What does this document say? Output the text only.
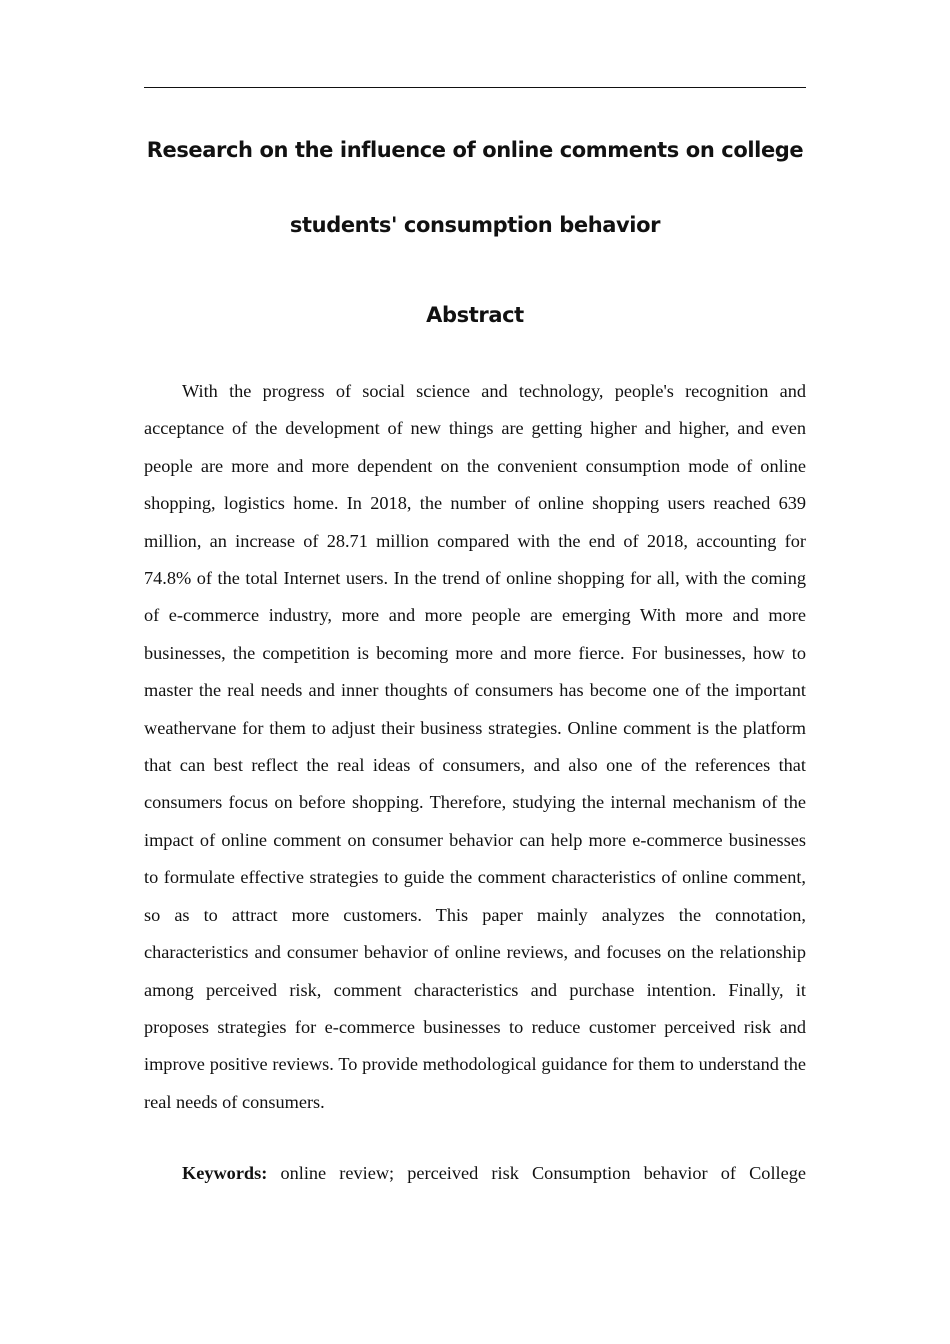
Research on the influence of online comments on college
students' consumption behavior
Abstract

With the progress of social science and technology, people's recognition and acceptance of the development of new things are getting higher and higher, and even people are more and more dependent on the convenient consumption mode of online shopping, logistics home. In 2018, the number of online shopping users reached 639 million, an increase of 28.71 million compared with the end of 2018, accounting for 74.8% of the total Internet users. In the trend of online shopping for all, with the coming of e-commerce industry, more and more people are emerging With more and more businesses, the competition is becoming more and more fierce. For businesses, how to master the real needs and inner thoughts of consumers has become one of the important weathervane for them to adjust their business strategies. Online comment is the platform that can best reflect the real ideas of consumers, and also one of the references that consumers focus on before shopping. Therefore, studying the internal mechanism of the impact of online comment on consumer behavior can help more e-commerce businesses to formulate effective strategies to guide the comment characteristics of online comment, so as to attract more customers. This paper mainly analyzes the connotation, characteristics and consumer behavior of online reviews, and focuses on the relationship among perceived risk, comment characteristics and purchase intention. Finally, it proposes strategies for e-commerce businesses to reduce customer perceived risk and improve positive reviews. To provide methodological guidance for them to understand the real needs of consumers.

Keywords: online review; perceived risk Consumption behavior of College
